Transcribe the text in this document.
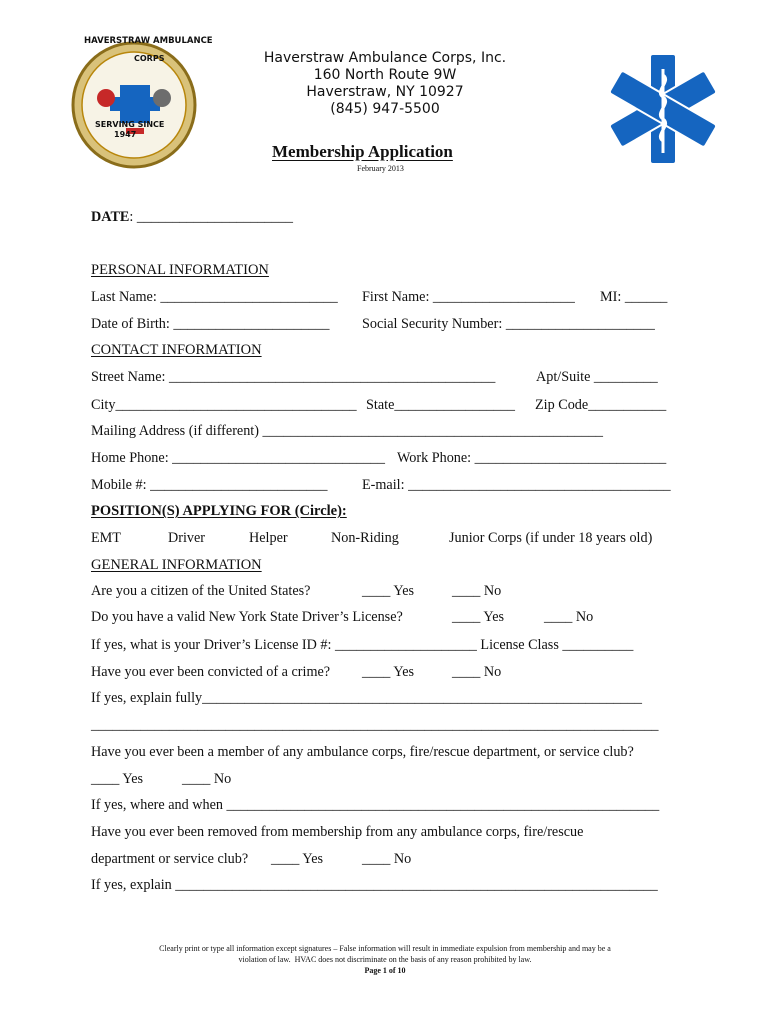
HAVERSTRAW AMBULANCE

CORPS

SERVING SINCE

1947

Haverstraw Ambulance Corps, Inc.
160 North Route 9W
Haverstraw, NY 10927
(845) 947-5500
Membership Application
February 2013
DATE: ______________________
PERSONAL INFORMATION
Last Name: _________________________ First Name: ____________________ MI: ______
Date of Birth: ______________________ Social Security Number: _____________________
CONTACT INFORMATION
Street Name: ______________________________________________	Apt/Suite _________
City__________________________________ State_________________ Zip Code___________
Mailing Address (if different) ________________________________________________
Home Phone: ______________________________ Work Phone: ___________________________
Mobile #: _________________________ E-mail: _____________________________________
POSITION(S) APPLYING FOR (Circle):
EMT	Driver	Helper	Non-Riding	Junior Corps (if under 18 years old)
GENERAL INFORMATION
Are you a citizen of the United States?	____ Yes	____ No
Do you have a valid New York State Driver’s License?	____ Yes	____ No
If yes, what is your Driver’s License ID #: ____________________ License Class __________
Have you ever been convicted of a crime? ____ Yes	____ No
If yes, explain fully______________________________________________________________
________________________________________________________________________________
Have you ever been a member of any ambulance corps, fire/rescue department, or service club?
____ Yes	____ No
If yes, where and when _____________________________________________________________
Have you ever been removed from membership from any ambulance corps, fire/rescue
department or service club? ____ Yes	____ No
If yes, explain ____________________________________________________________________
Clearly print or type all information except signatures – False information will result in immediate expulsion from membership and may be a
violation of law.  HVAC does not discriminate on the basis of any reason prohibited by law.
Page 1 of 10
